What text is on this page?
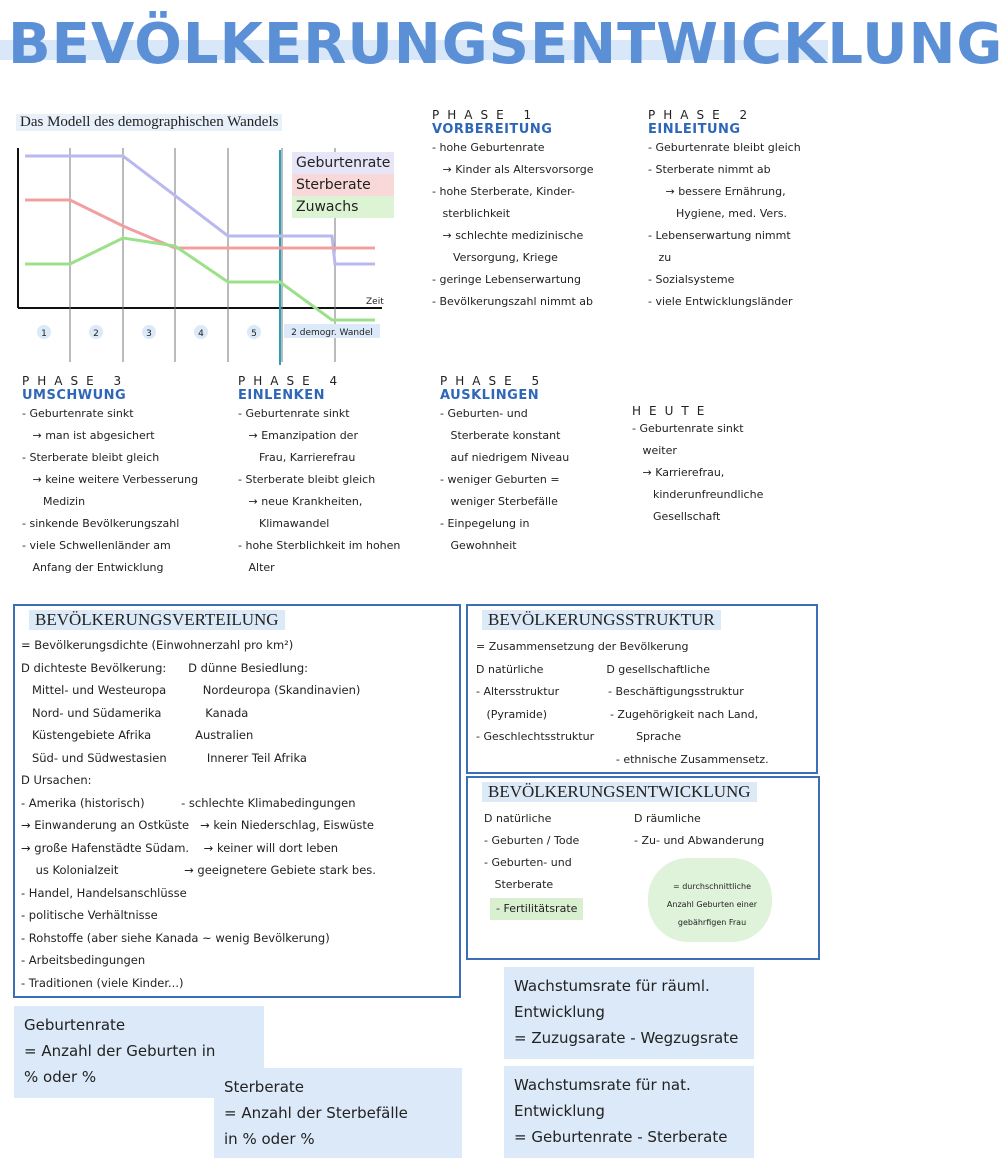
BEVÖLKERUNGSENTWICKLUNG
Das Modell des demographischen Wandels
Zeit
1	2	3	4	5	2 demogr. Wandel
Geburtenrate
Sterberate
Zuwachs
PHASE 1
VORBEREITUNG
- hohe Geburtenrate
→ Kinder als Altersvorsorge
- hohe Sterberate, Kinder-
sterblichkeit
→ schlechte medizinische
Versorgung, Kriege
- geringe Lebenserwartung
- Bevölkerungszahl nimmt ab
PHASE 2
EINLEITUNG
- Geburtenrate bleibt gleich
- Sterberate nimmt ab
→ bessere Ernährung,
Hygiene, med. Vers.
- Lebenserwartung nimmt
zu
- Sozialsysteme
- viele Entwicklungsländer
PHASE 3
UMSCHWUNG
- Geburtenrate sinkt
→ man ist abgesichert
- Sterberate bleibt gleich
→ keine weitere Verbesserung
Medizin
- sinkende Bevölkerungszahl
- viele Schwellenländer am
Anfang der Entwicklung
PHASE 4
EINLENKEN
- Geburtenrate sinkt
→ Emanzipation der
Frau, Karrierefrau
- Sterberate bleibt gleich
→ neue Krankheiten,
Klimawandel
- hohe Sterblichkeit im hohen
Alter
PHASE 5
AUSKLINGEN
- Geburten- und
Sterberate konstant
auf niedrigem Niveau
- weniger Geburten =
weniger Sterbefälle
- Einpegelung in
Gewohnheit
HEUTE
- Geburtenrate sinkt
weiter
→ Karrierefrau,
kinderunfreundliche
Gesellschaft
BEVÖLKERUNGSVERTEILUNG
= Bevölkerungsdichte (Einwohnerzahl pro km²)
D dichteste Bevölkerung:      D dünne Besiedlung:
Mittel- und Westeuropa          Nordeuropa (Skandinavien)
Nord- und Südamerika            Kanada
Küstengebiete Afrika            Australien
Süd- und Südwestasien           Innerer Teil Afrika
D Ursachen:
- Amerika (historisch)          - schlechte Klimabedingungen
→ Einwanderung an Ostküste   → kein Niederschlag, Eiswüste
→ große Hafenstädte Südam.    → keiner will dort leben
us Kolonialzeit                  → geeignetere Gebiete stark bes.
- Handel, Handelsanschlüsse
- politische Verhältnisse
- Rohstoffe (aber siehe Kanada ~ wenig Bevölkerung)
- Arbeitsbedingungen
- Traditionen (viele Kinder...)
BEVÖLKERUNGSSTRUKTUR
= Zusammensetzung der Bevölkerung
D natürliche                  D gesellschaftliche
- Altersstruktur              - Beschäftigungsstruktur
(Pyramide)                  - Zugehörigkeit nach Land,
- Geschlechtsstruktur            Sprache
- ethnische Zusammensetz.
BEVÖLKERUNGSENTWICKLUNG
D natürliche
- Geburten / Tode
- Geburten- und
Sterberate
- Fertilitätsrate
D räumliche
- Zu- und Abwanderung
= durchschnittliche
Anzahl Geburten einer
gebährfigen Frau
Geburtenrate
= Anzahl der Geburten in
% oder %
Sterberate
= Anzahl der Sterbefälle
in % oder %
Wachstumsrate für räuml.
Entwicklung
= Zuzugsarate - Wegzugsrate
Wachstumsrate für nat.
Entwicklung
= Geburtenrate - Sterberate
